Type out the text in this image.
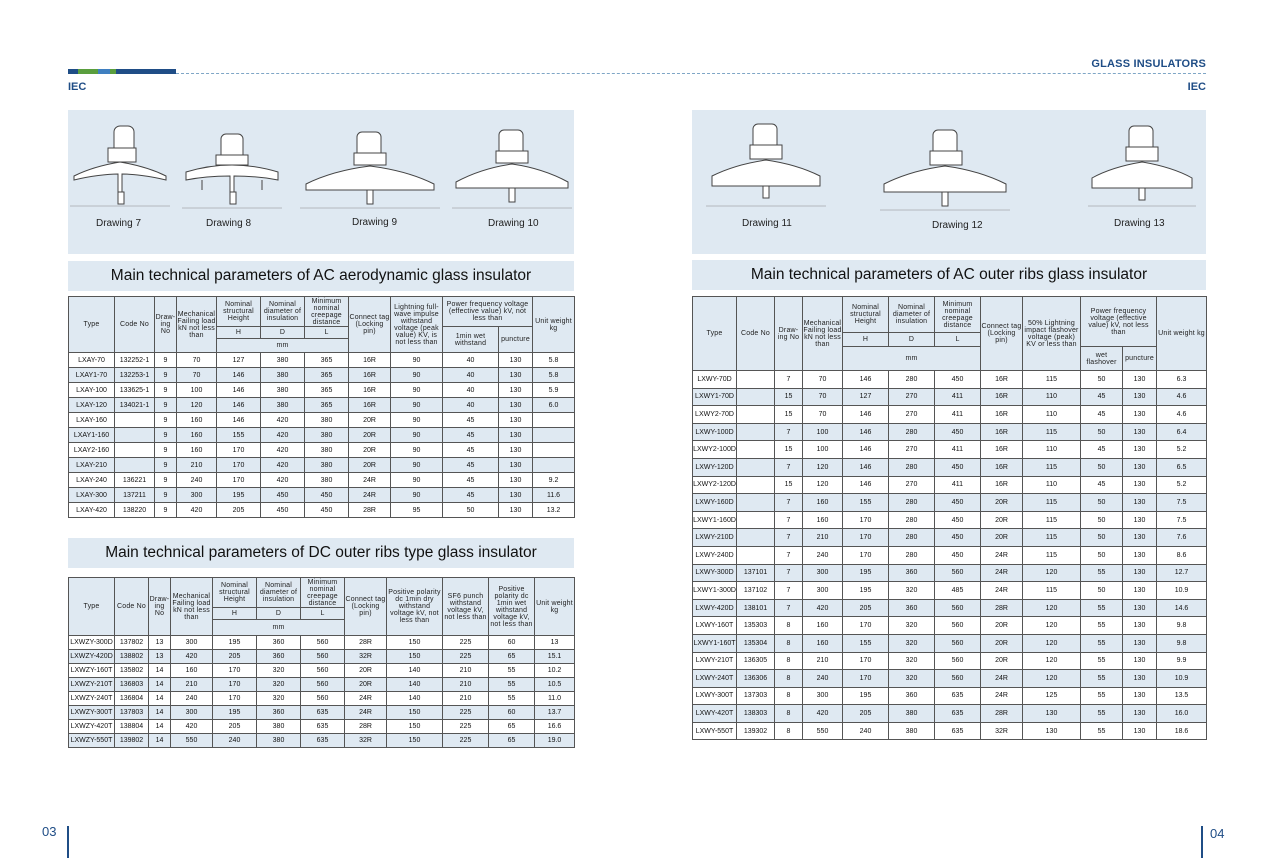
GLASS INSULATORS
IEC	IEC
Drawing 7	Drawing 8	Drawing 9	Drawing 10	Drawing 11	Drawing 12	Drawing 13
Main technical parameters of AC aerodynamic glass insulator
Main technical parameters of DC outer ribs type glass insulator
Main technical parameters of AC outer ribs glass insulator
Type	Code No	Draw- ing No	Mechanical Failing load kN not less than	Nominal structural Height	Nominal diameter of insulation	Minimum nominal creepage distance	Connect tag (Locking pin)	Lightning full-wave impulse withstand voltage (peak value) KV, is not less than	Power frequency voltage (effective value) kV, not less than		Unit weight kg
				H	D	L			1min wet withstand	puncture	
				mm							
LXAY-70	132252-1	9	70	127	380	365	16R	90	40	130	5.8
LXAY1-70	132253-1	9	70	146	380	365	16R	90	40	130	5.8
LXAY-100	133625-1	9	100	146	380	365	16R	90	40	130	5.9
LXAY-120	134021-1	9	120	146	380	365	16R	90	40	130	6.0
LXAY-160		9	160	146	420	380	20R	90	45	130	
LXAY1-160		9	160	155	420	380	20R	90	45	130	
LXAY2-160		9	160	170	420	380	20R	90	45	130	
LXAY-210		9	210	170	420	380	20R	90	45	130	
LXAY-240	136221	9	240	170	420	380	24R	90	45	130	9.2
LXAY-300	137211	9	300	195	450	450	24R	90	45	130	11.6
LXAY-420	138220	9	420	205	450	450	28R	95	50	130	13.2
Type	Code No	Draw- ing No	Mechanical Failing load kN not less than	Nominal structural Height	Nominal diameter of insulation	Minimum nominal creepage distance	Connect tag (Locking pin)	Positive polarity dc 1min dry withstand voltage kV, not less than	SF6 punch withstand voltage kV, not less than	Positive polarity dc 1min wet withstand voltage kV, not less than	Unit weight kg
				H	D	L					
				mm							
LXWZY-300D	137802	13	300	195	360	560	28R	150	225	60	13
LXWZY-420D	138802	13	420	205	360	560	32R	150	225	65	15.1
LXWZY-160T	135802	14	160	170	320	560	20R	140	210	55	10.2
LXWZY-210T	136803	14	210	170	320	560	20R	140	210	55	10.5
LXWZY-240T	136804	14	240	170	320	560	24R	140	210	55	11.0
LXWZY-300T	137803	14	300	195	360	635	24R	150	225	60	13.7
LXWZY-420T	138804	14	420	205	380	635	28R	150	225	65	16.6
LXWZY-550T	139802	14	550	240	380	635	32R	150	225	65	19.0
Type	Code No	Draw- ing No	Mechanical Failing load kN not less than	Nominal structural Height	Nominal diameter of insulation	Minimum nominal creepage distance	Connect tag (Locking pin)	50% Lightning impact flashover voltage (peak) KV or less than	Power frequency voltage (effective value) kV, not less than		Unit weight kg
				H	D	L					
				mm					wet flashover	puncture	
LXWY-70D		7	70	146	280	450	16R	115	50	130	6.3
LXWY1-70D		15	70	127	270	411	16R	110	45	130	4.6
LXWY2-70D		15	70	146	270	411	16R	110	45	130	4.6
LXWY-100D		7	100	146	280	450	16R	115	50	130	6.4
LXWY2-100D		15	100	146	270	411	16R	110	45	130	5.2
LXWY-120D		7	120	146	280	450	16R	115	50	130	6.5
LXWY2-120D		15	120	146	270	411	16R	110	45	130	5.2
LXWY-160D		7	160	155	280	450	20R	115	50	130	7.5
LXWY1-160D		7	160	170	280	450	20R	115	50	130	7.5
LXWY-210D		7	210	170	280	450	20R	115	50	130	7.6
LXWY-240D		7	240	170	280	450	24R	115	50	130	8.6
LXWY-300D	137101	7	300	195	360	560	24R	120	55	130	12.7
LXWY1-300D	137102	7	300	195	320	485	24R	115	50	130	10.9
LXWY-420D	138101	7	420	205	360	560	28R	120	55	130	14.6
LXWY-160T	135303	8	160	170	320	560	20R	120	55	130	9.8
LXWY1-160T	135304	8	160	155	320	560	20R	120	55	130	9.8
LXWY-210T	136305	8	210	170	320	560	20R	120	55	130	9.9
LXWY-240T	136306	8	240	170	320	560	24R	120	55	130	10.9
LXWY-300T	137303	8	300	195	360	635	24R	125	55	130	13.5
LXWY-420T	138303	8	420	205	380	635	28R	130	55	130	16.0
LXWY-550T	139302	8	550	240	380	635	32R	130	55	130	18.6
03	04
